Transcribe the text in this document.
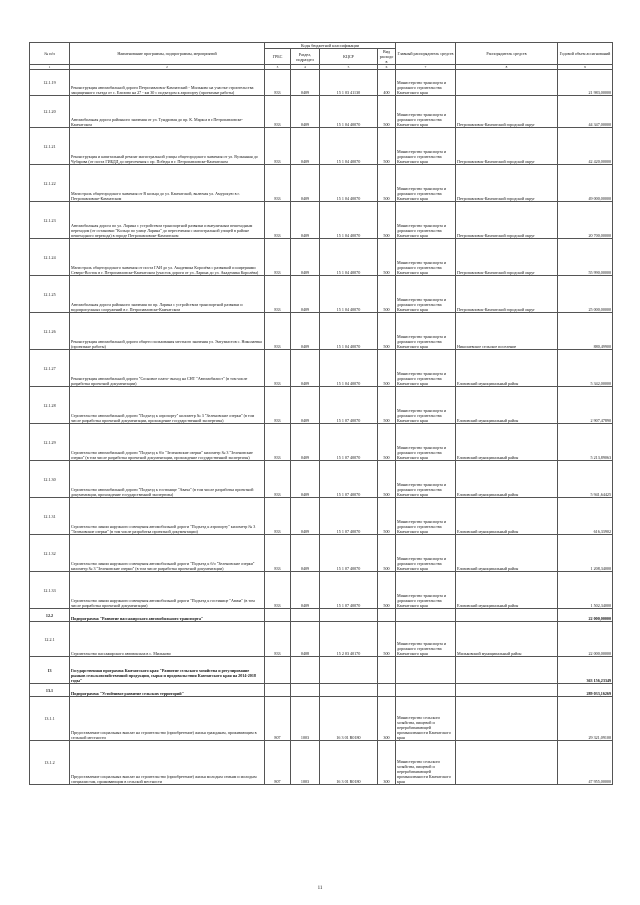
№ п/п	Наименование программы, подпрограммы, мероприятий	Коды бюджетной классификации				Главный распорядитель средств	Распорядитель средств	Годовой объем ассигнований
		ГРБС	Раздел, подраздел	КЦСР	Вид расходов			
1	2	3	4	5	6	7	8	9
12.1.19	Реконструкция автомобильной дороги Петропавловск-Камчатский - Мильково на участке строительства защищенного съезда от с. Елизово на 27 - км 30 с подъездом к аэропорту (проектные работы)	833	0409	15 1 03 41130	400	Министерство транспорта и дорожного строительства Камчатского края		21 983,00000
12.1.20	Автомобильная дорога районного значения от ул. Тундровая до пр. К. Маркса в г.Петропавловске-Камчатском	833	0409	15 1 04 40070	500	Министерство транспорта и дорожного строительства Камчатского края	Петропавловск-Камчатский городской округ	44 347,00000
12.1.21	Реконструкция и капитальный ремонт магистральной улицы общегородского значения от ул. Вулканная до Чубарова (от поста ГИБДД до пересечения с пр. Победы в г. Петропавловске-Камчатском	833	0409	15 1 04 40070	500	Министерство транспорта и дорожного строительства Камчатского края	Петропавловск-Камчатский городской округ	42 420,00000
12.1.22	Магистраль общегородского значения от В кольца до ул. Камчатской, включая ул. Амурскую в г. Петропавловске-Камчатском	833	0409	15 1 04 40070	500	Министерство транспорта и дорожного строительства Камчатского края	Петропавловск-Камчатский городской округ	49 000,00000
12.1.23	Автомобильная дорога по ул. Ларина с устройством транспортной развязки и внеуличным пешеходным переходом (от остановки "Кольцо по улице Ларина" до пересечения с магистральной улицей в районе пешеходного перехода) в городе Петропавловске-Камчатском	833	0409	15 1 04 40070	500	Министерство транспорта и дорожного строительства Камчатского края	Петропавловск-Камчатский городской округ	20 700,00000
12.1.24	Магистраль общегородского значения от поста ГАИ до ул. Академика Королёва с развязкой и ширериями Северо-Восток в г. Петропавловске-Камчатском (участок дороги от ул. Ларина до ул. Академика Королёва)	833	0409	15 1 04 40070	500	Министерство транспорта и дорожного строительства Камчатского края	Петропавловск-Камчатский городской округ	55 990,00000
12.1.25	Автомобильная дорога районного значения по пр. Ларина с устройством транспортной развязки и водопропускных сооружений в г. Петропавловске-Камчатском	833	0409	15 1 04 40070	500	Министерство транспорта и дорожного строительства Камчатского края	Петропавловск-Камчатский городской округ	25 000,00000
12.1.26	Реконструкция автомобильной дороги общего пользования местного значения ул. Энтузиастов с. Николаевка (проектные работы)	833	0409	15 1 04 40070	500	Министерство транспорта и дорожного строительства Камчатского края	Николаевское сельское поселение	880,49900
12.1.27	Реконструкция автомобильной дороги "Сосновое плато- выход на СНТ "Автомобилист" (в том числе разработка проектной документации)	833	0409	15 1 04 40070	500	Министерство транспорта и дорожного строительства Камчатского края	Елизовский муниципальный район	5 342,00000
12.1.28	Строительство автомобильной дороги "Подъезд к аэропорту" километр № 3 "Зеленовские озерки" (в том числе разработка проектной документации, прохождение государственной экспертизы)	833	0409	15 1 07 40070	500	Министерство транспорта и дорожного строительства Камчатского края	Елизовский муниципальный район	2 907,47890
12.1.29	Строительство автомобильной дороги "Подъезд к б/о "Зеленовские озерки" километр № 3 "Зеленовские озерки" (в том числе разработка проектной документации, прохождение государственной экспертизы)	833	0409	15 1 07 40070	500	Министерство транспорта и дорожного строительства Камчатского края	Елизовский муниципальный район	5 213,89063
12.1.30	Строительство автомобильной дороги "Подъезд к гостинице "Авача" (в том числе разработка проектной документации, прохождение государственной экспертизы)	833	0409	15 1 07 40070	500	Министерство транспорта и дорожного строительства Камчатского края	Елизовский муниципальный район	5 941,64425
12.1.31	Строительство линии наружного освещения автомобильной дороги "Подъезд к аэропорту" километр № 3 "Зеленовские озерки" (в том числе разработка проектной документации)	833	0409	15 1 07 40070	500	Министерство транспорта и дорожного строительства Камчатского края	Елизовский муниципальный район	616,33902
12.1.32	Строительство линии наружного освещения автомобильной дороги "Подъезд к б/о "Зеленовские озерки" километр № 3 "Зеленовские озерки" (в том числе разработка проектной документации)	833	0409	15 1 07 40070	500	Министерство транспорта и дорожного строительства Камчатского края	Елизовский муниципальный район	1 208,34000
12.1.33	Строительство линии наружного освещения автомобильной дороги "Подъезд к гостинице "Авача" (в том числе разработка проектной документации)	833	0409	15 1 07 40070	500	Министерство транспорта и дорожного строительства Камчатского края	Елизовский муниципальный район	1 502,34000
12.2	Подпрограмма "Развитие пассажирского автомобильного транспорта"							22 000,00000
12.2.1	Строительство пассажирского автовокзала в с. Мильково	833	0408	15 2 03 40170	500	Министерство транспорта и дорожного строительства Камчатского края	Мильковский муниципальный район	22 000,00000
13	Государственная программа Камчатского края "Развитие сельского хозяйства и регулирование рынков сельскохозяйственной продукции, сырья и продовольствия Камчатского края на 2014-2018 годы"							363 156,23349
13.1	Подпрограмма "Устойчивое развитие сельских территорий"							289 033,16269
13.1.1	Предоставление социальных выплат на строительство (приобретение) жилья гражданам, проживающим в сельской местности	807	1003	16 3 01 R0180	300	Министерство сельского хозяйства, пищевой и перерабатывающей промышленности Камчатского края		29 321,09100
13.1.2	Предоставление социальных выплат на строительство (приобретение) жилья молодым семьям и молодым специалистам, проживающим в сельской местности	807	1003	16 3 01 R0180	300	Министерство сельского хозяйства, пищевой и перерабатывающей промышленности Камчатского края		47 955,00000
11
